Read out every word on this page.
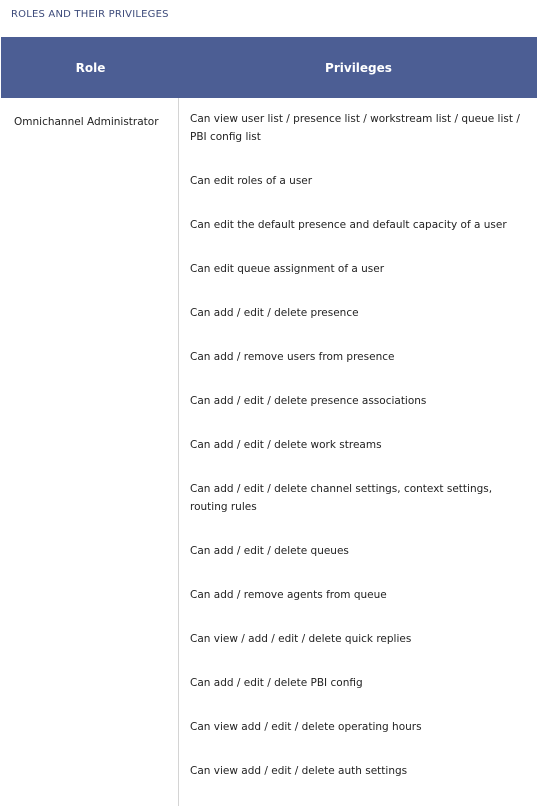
ROLES AND THEIR PRIVILEGES
Role	Privileges
Omnichannel Administrator	Can view user list / presence list / workstream list / queue list / PBI config list
Can edit roles of a user
Can edit the default presence and default capacity of a user
Can edit queue assignment of a user
Can add / edit / delete presence
Can add / remove users from presence
Can add / edit / delete presence associations
Can add / edit / delete work streams
Can add / edit / delete channel settings, context settings, routing rules
Can add / edit / delete queues
Can add / remove agents from queue
Can view / add / edit / delete quick replies
Can add / edit / delete PBI config
Can view add / edit / delete operating hours
Can view add / edit / delete auth settings
